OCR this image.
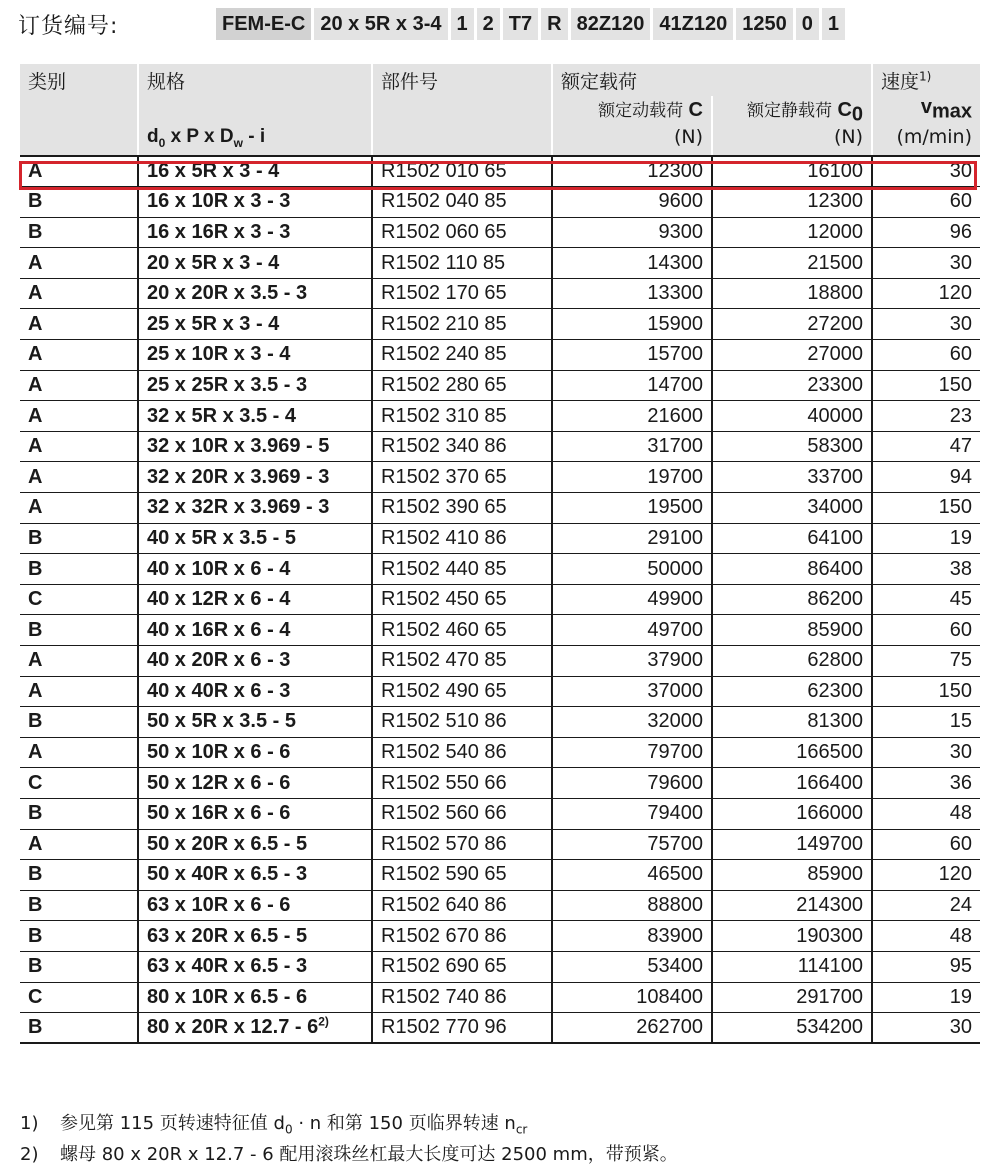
订货编号:	FEM-E-C 20 x 5R x 3-4 1 2 T7 R 82Z120 41Z120 1250 0 1
类别	规格	部件号	额定载荷		速度$^{1)}$
			额定动载荷 C	额定静载荷 $C_0$	$v_{max}$
	$d_0$ x P x $D_w$ - i		(N)	(N)	(m/min)
A	16 x 5R x 3 - 4	R1502 010 65	12300	16100	30
B	16 x 10R x 3 - 3	R1502 040 85	9600	12300	60
B	16 x 16R x 3 - 3	R1502 060 65	9300	12000	96
A	20 x 5R x 3 - 4	R1502 110 85	14300	21500	30
A	20 x 20R x 3.5 - 3	R1502 170 65	13300	18800	120
A	25 x 5R x 3 - 4	R1502 210 85	15900	27200	30
A	25 x 10R x 3 - 4	R1502 240 85	15700	27000	60
A	25 x 25R x 3.5 - 3	R1502 280 65	14700	23300	150
A	32 x 5R x 3.5 - 4	R1502 310 85	21600	40000	23
A	32 x 10R x 3.969 - 5	R1502 340 86	31700	58300	47
A	32 x 20R x 3.969 - 3	R1502 370 65	19700	33700	94
A	32 x 32R x 3.969 - 3	R1502 390 65	19500	34000	150
B	40 x 5R x 3.5 - 5	R1502 410 86	29100	64100	19
B	40 x 10R x 6 - 4	R1502 440 85	50000	86400	38
C	40 x 12R x 6 - 4	R1502 450 65	49900	86200	45
B	40 x 16R x 6 - 4	R1502 460 65	49700	85900	60
A	40 x 20R x 6 - 3	R1502 470 85	37900	62800	75
A	40 x 40R x 6 - 3	R1502 490 65	37000	62300	150
B	50 x 5R x 3.5 - 5	R1502 510 86	32000	81300	15
A	50 x 10R x 6 - 6	R1502 540 86	79700	166500	30
C	50 x 12R x 6 - 6	R1502 550 66	79600	166400	36
B	50 x 16R x 6 - 6	R1502 560 66	79400	166000	48
A	50 x 20R x 6.5 - 5	R1502 570 86	75700	149700	60
B	50 x 40R x 6.5 - 3	R1502 590 65	46500	85900	120
B	63 x 10R x 6 - 6	R1502 640 86	88800	214300	24
B	63 x 20R x 6.5 - 5	R1502 670 86	83900	190300	48
B	63 x 40R x 6.5 - 3	R1502 690 65	53400	114100	95
C	80 x 10R x 6.5 - 6	R1502 740 86	108400	291700	19
B	80 x 20R x 12.7 - 6$^{2)}$	R1502 770 96	262700	534200	30
1)	参见第 115 页转速特征值 $d_0 \cdot n$ 和第 150 页临界转速 $n_{cr}$
2)	螺母 80 x 20R x 12.7 - 6 配用滚珠丝杠最大长度可达 2500 mm，带预紧。
